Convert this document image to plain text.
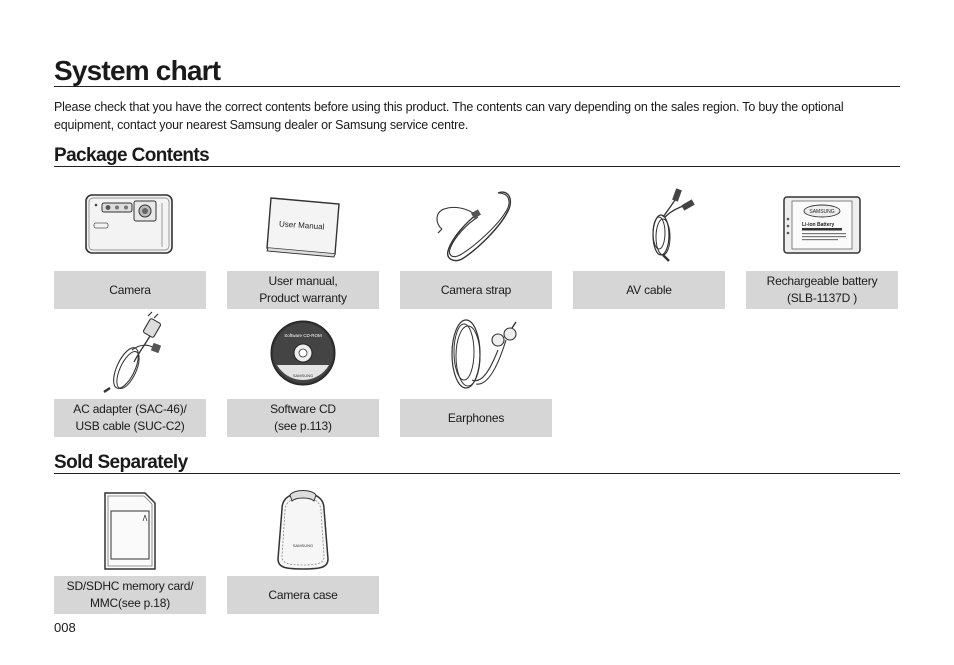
System chart

Please check that you have the correct contents before using this product. The contents can vary depending on the sales region. To buy the optional equipment, contact your nearest Samsung dealer or Samsung service centre.

Package Contents
Camera
User Manual
User manual,
Product warranty
Camera strap	AV cable
SAMSUNG
Li-ion Battery
Rechargeable battery
(SLB-1137D )
AC adapter (SAC-46)/
USB cable (SUC-C2)
Software CD-ROM
SAMSUNG
Software CD
(see p.113)
Earphones
Sold Separately
SD/SDHC memory card/
MMC(see p.18)
SAMSUNG
Camera case
008
